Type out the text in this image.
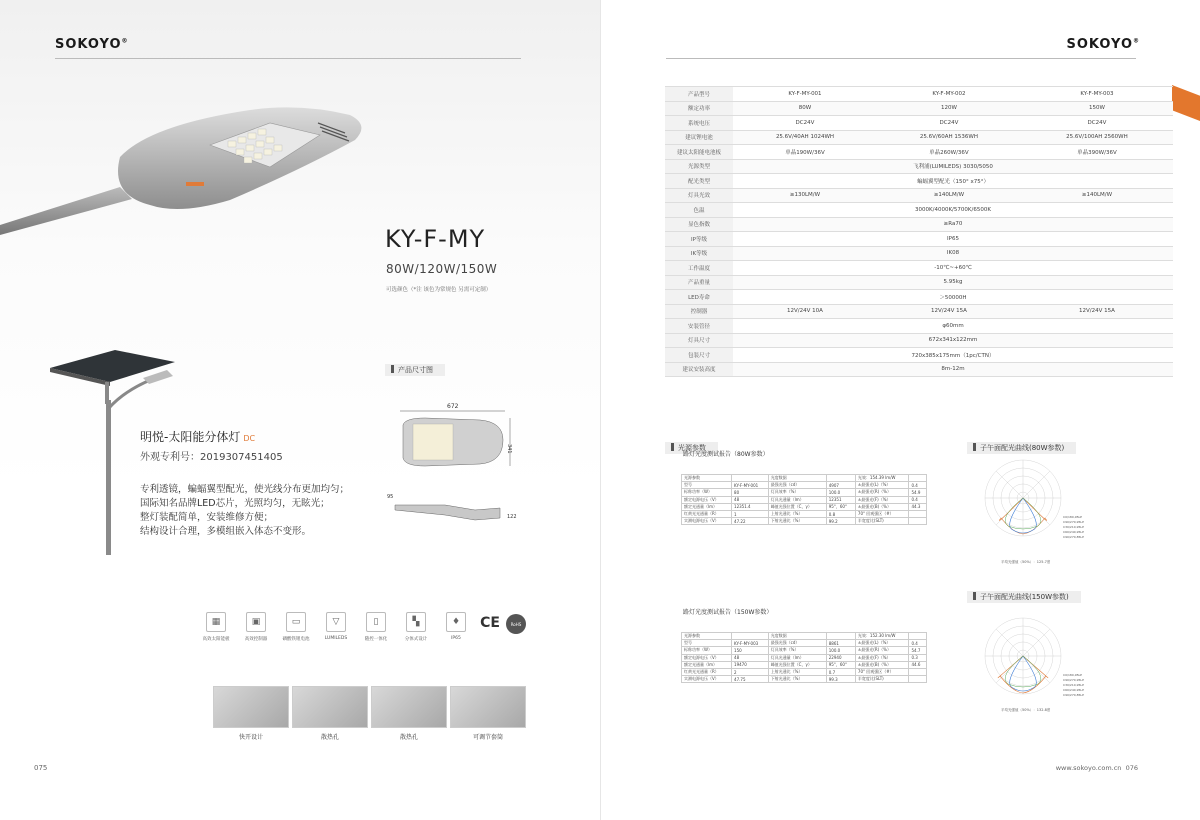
SOKOYO®
KY-F-MY
80W/120W/150W
可选颜色（*注 该色为常规色 另需可定制）
明悦-太阳能分体灯 DC
外观专利号：2019307451405
专利透镜，蝙蝠翼型配光，使光线分布更加均匀；
国际知名品牌LED芯片，光照均匀，无眩光；
整灯装配简单，安装维修方便；
结构设计合理，多模组嵌入体态不变形。
产品尺寸图
672
341
95
122
▦
高效太阳能板
▣
高效控制器
▭
磷酸铁锂电池
▽
LUMILEDS
▯
随控一体化
▚
分体式设计
♦
IP65
CE	RoHS
快开设计	散热孔	散热孔	可调节套筒
075
SOKOYO®
产品型号	KY-F-MY-001	KY-F-MY-002	KY-F-MY-003
额定功率	80W	120W	150W
系统电压	DC24V	DC24V	DC24V
建议锂电池	25.6V/40AH 1024WH	25.6V/60AH 1536WH	25.6V/100AH 2560WH
建议太阳能电池板	单晶190W/36V	单晶260W/36V	单晶390W/36V
光源类型	飞利浦(LUMILEDS) 3030/5050		
配光类型	蝙蝠翼型配光（150° x75°）		
灯具光效	≥130LM/W	≥140LM/W	≥140LM/W
色温	3000K/4000K/5700K/6500K		
显色指数	≥Ra70		
IP等级	IP65		
IK等级	IK08		
工作温度	-10℃~+60℃		
产品重量	5.95kg		
LED寿命	＞50000H		
控制器	12V/24V 10A	12V/24V 15A	12V/24V 15A
安装管径	φ60mm		
灯具尺寸	672x341x122mm		
包装尺寸	720x385x175mm（1pc/CTN）		
建议安装高度	8m-12m		
光源参数	子午面配光曲线(80W参数)
子午面配光曲线(150W参数)
路灯光度测试报告（80W参数）
光源参数		光度数据		光效：154.39 lm/W	
型号	KY-F-MY-001	最强光强（cd）	4907	±最强光(L)（%）	0.4
标称功率（W）	80	灯具效率（%）	100.0	±最强光(R)（%）	54.9
额定电源电压（V）	48	灯具光通量（lm）	12351	±最强光(F)（%）	0.4
额定光通量（lm）	12351.4	峰值光强位置（C，γ）	95°，60°	±最强光(B)（%）	44.3
红黄光光通量（R）	1	上射光通比（%）	0.8	70° 回观强区（#）	
实测电源电压（V）	47.22	下射光通比（%）	99.2	半宽度比(SLT)	
路灯光度测试报告（150W参数）
光源参数		光度数据		光效：152.30 lm/W	
型号	KY-F-MY-003	最强光强（cd）	8861	±最强光(L)（%）	0.4
标称功率（W）	150	灯具效率（%）	100.0	±最强光(R)（%）	54.7
额定电源电压（V）	48	灯具光通量（lm）	22940	±最强光(F)（%）	0.3
额定光通量（lm）	19470	峰值光强位置（C，γ）	95°，60°	±最强光(B)（%）	44.6
红黄光光通量（R）	2	上射光通比（%）	0.7	70° 回观强区（#）	
实测电源电压（V）	47.75	下射光通比（%）	99.3	半宽度比(SLT)	
C0/180,95LP
C90/270,95LP
C30/210,95LP
C60/240,95LP
C90/270,85LP
平均光强值（50%）：125.7度
C0/180,95LP
C90/270,95LP
C30/210,95LP
C60/240,95LP
C90/270,85LP
平均光强值（50%）：132.8度
www.sokoyo.com.cn 076
